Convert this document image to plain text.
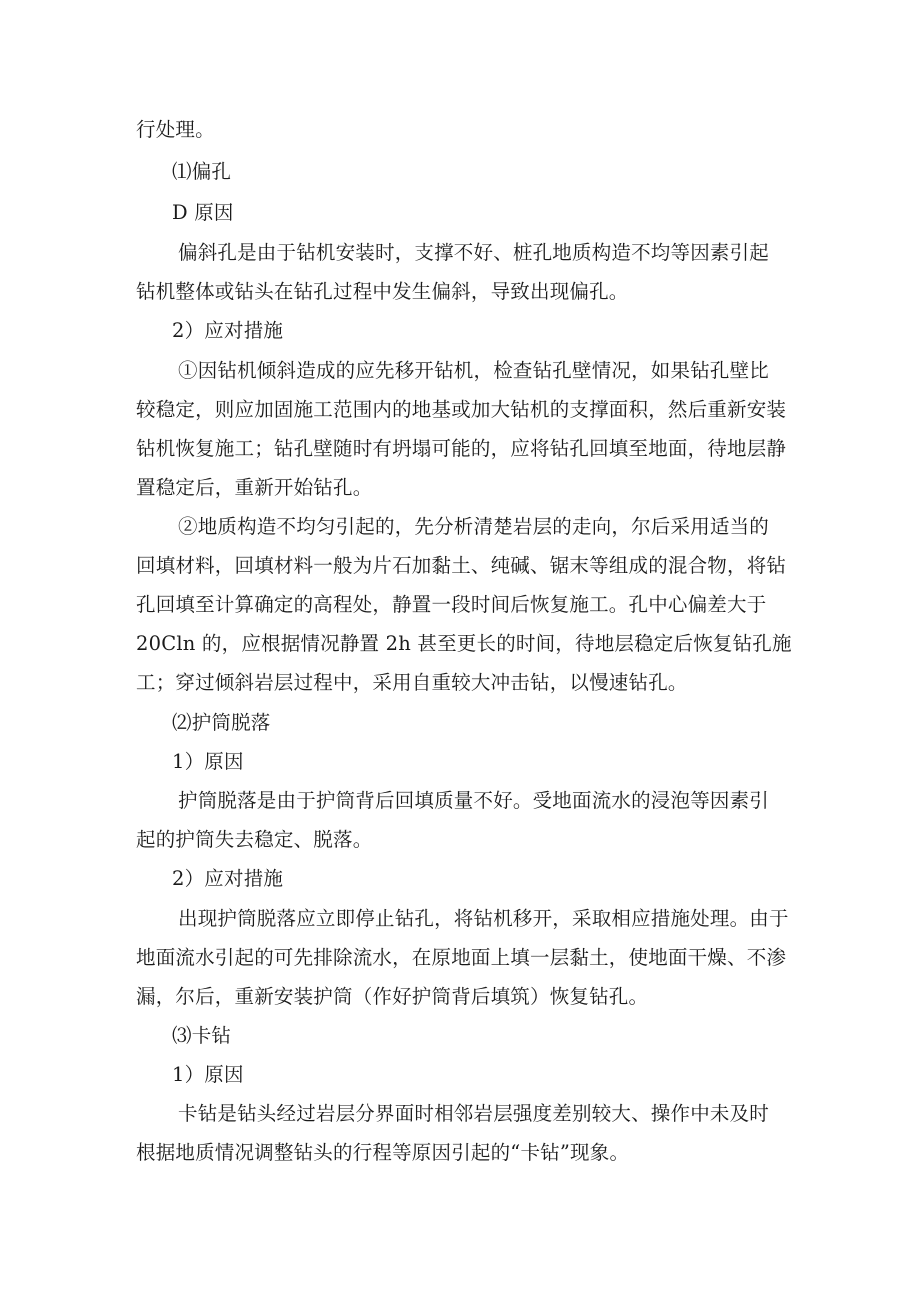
行处理。
⑴偏孔
D 原因
偏斜孔是由于钻机安装时，支撑不好、桩孔地质构造不均等因素引起
钻机整体或钻头在钻孔过程中发生偏斜，导致出现偏孔。
2）应对措施
①因钻机倾斜造成的应先移开钻机，检查钻孔壁情况，如果钻孔壁比
较稳定，则应加固施工范围内的地基或加大钻机的支撑面积，然后重新安装
钻机恢复施工；钻孔壁随时有坍塌可能的，应将钻孔回填至地面，待地层静
置稳定后，重新开始钻孔。
②地质构造不均匀引起的，先分析清楚岩层的走向，尔后采用适当的
回填材料，回填材料一般为片石加黏土、纯碱、锯末等组成的混合物，将钻
孔回填至计算确定的高程处，静置一段时间后恢复施工。孔中心偏差大于
20Cln 的，应根据情况静置 2h 甚至更长的时间，待地层稳定后恢复钻孔施
工；穿过倾斜岩层过程中，采用自重较大冲击钻，以慢速钻孔。
⑵护筒脱落
1）原因
护筒脱落是由于护筒背后回填质量不好。受地面流水的浸泡等因素引
起的护筒失去稳定、脱落。
2）应对措施
出现护筒脱落应立即停止钻孔，将钻机移开，采取相应措施处理。由于
地面流水引起的可先排除流水，在原地面上填一层黏土，使地面干燥、不渗
漏，尔后，重新安装护筒（作好护筒背后填筑）恢复钻孔。
⑶卡钻
1）原因
卡钻是钻头经过岩层分界面时相邻岩层强度差别较大、操作中未及时
根据地质情况调整钻头的行程等原因引起的“卡钻”现象。
